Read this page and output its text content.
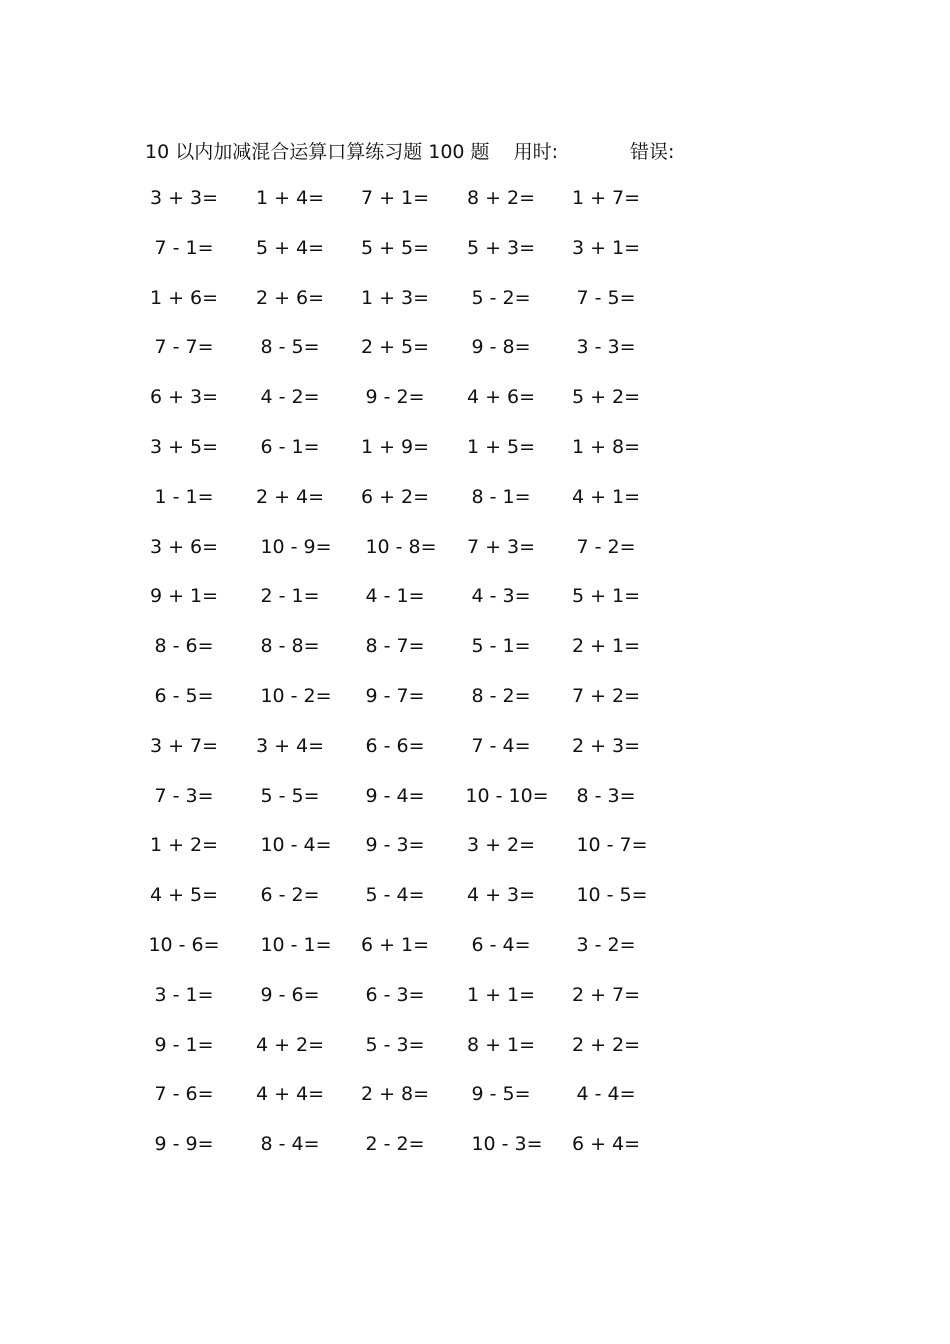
10 以内加减混合运算口算练习题 100 题 用时:	错误:
3 + 3= 1 + 4= 7 + 1= 8 + 2= 1 + 7=
7 - 1= 5 + 4= 5 + 5= 5 + 3= 3 + 1=
1 + 6= 2 + 6= 1 + 3= 5 - 2= 7 - 5=
7 - 7= 8 - 5= 2 + 5= 9 - 8= 3 - 3=
6 + 3= 4 - 2= 9 - 2= 4 + 6= 5 + 2=
3 + 5= 6 - 1= 1 + 9= 1 + 5= 1 + 8=
1 - 1= 2 + 4= 6 + 2= 8 - 1= 4 + 1=
3 + 6= 10 - 9= 10 - 8= 7 + 3= 7 - 2=
9 + 1= 2 - 1= 4 - 1= 4 - 3= 5 + 1=
8 - 6= 8 - 8= 8 - 7= 5 - 1= 2 + 1=
6 - 5= 10 - 2= 9 - 7= 8 - 2= 7 + 2=
3 + 7= 3 + 4= 6 - 6= 7 - 4= 2 + 3=
7 - 3= 5 - 5= 9 - 4= 10 - 10= 8 - 3=
1 + 2= 10 - 4= 9 - 3= 3 + 2= 10 - 7=
4 + 5= 6 - 2= 5 - 4= 4 + 3= 10 - 5=
10 - 6= 10 - 1= 6 + 1= 6 - 4= 3 - 2=
3 - 1= 9 - 6= 6 - 3= 1 + 1= 2 + 7=
9 - 1= 4 + 2= 5 - 3= 8 + 1= 2 + 2=
7 - 6= 4 + 4= 2 + 8= 9 - 5= 4 - 4=
9 - 9= 8 - 4= 2 - 2= 10 - 3= 6 + 4=
